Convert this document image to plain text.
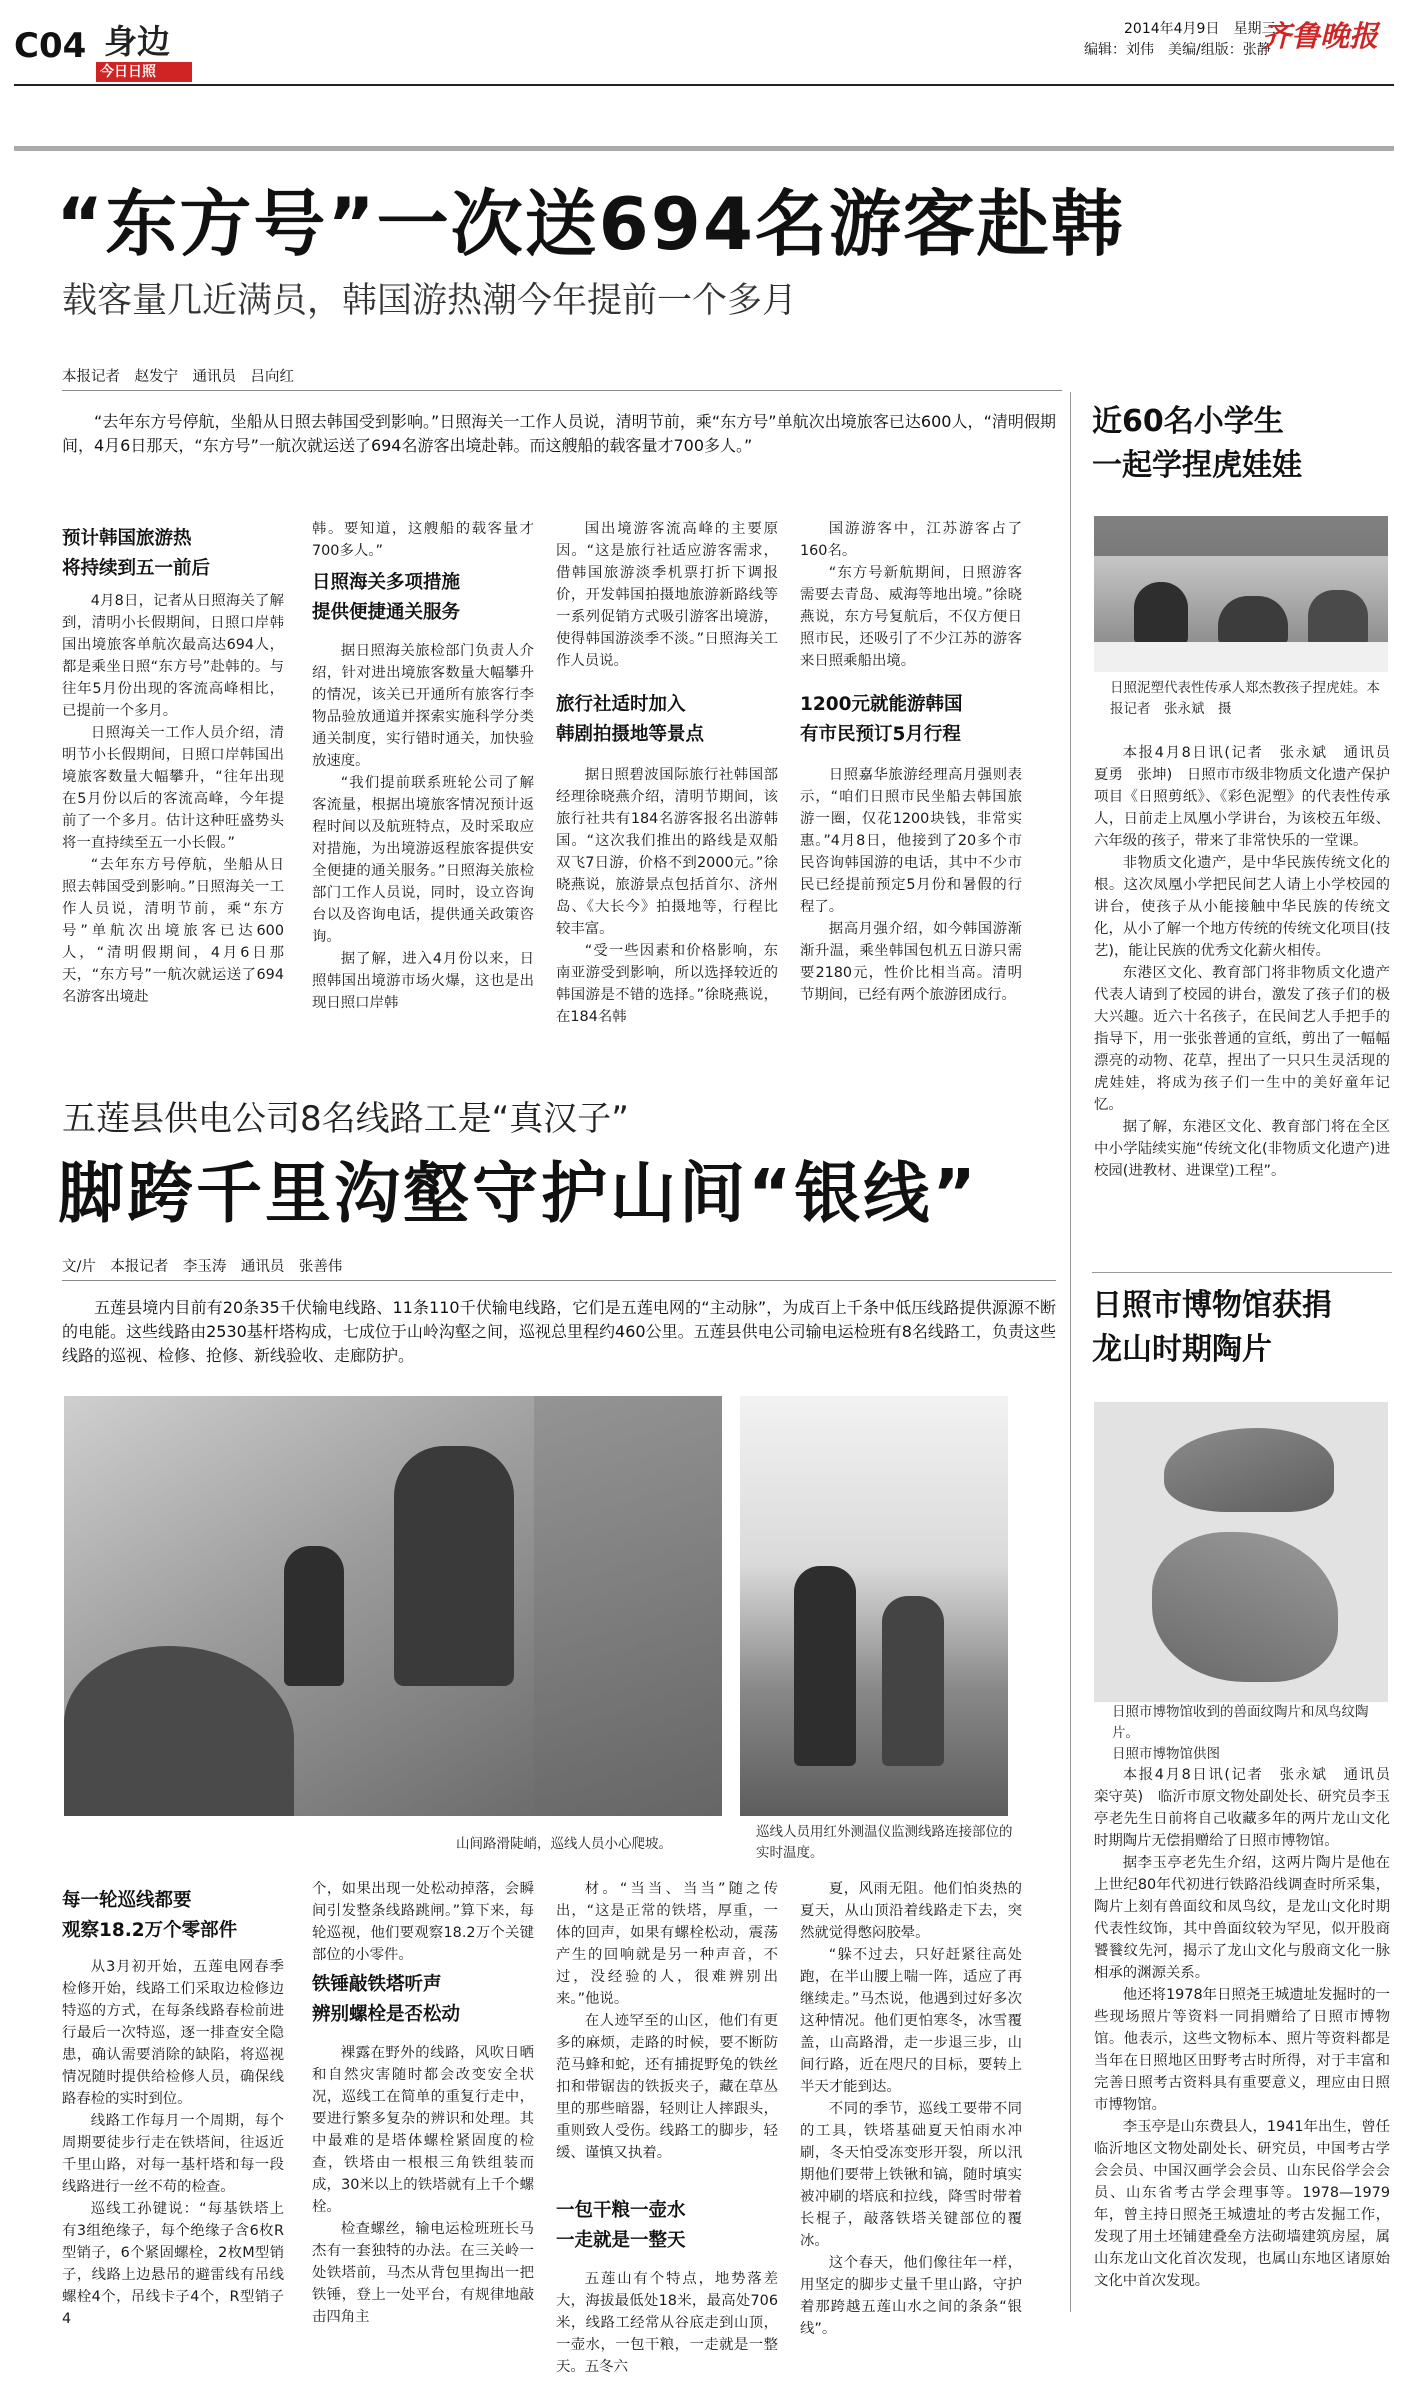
C04 身边
今日日照
2014年4月9日　星期三
编辑：刘伟　美编/组版：张静
齐鲁晚报
“东方号”一次送694名游客赴韩
载客量几近满员，韩国游热潮今年提前一个多月
本报记者　赵发宁　通讯员　吕向红
“去年东方号停航，坐船从日照去韩国受到影响。”日照海关一工作人员说，清明节前，乘“东方号”单航次出境旅客已达600人，“清明假期间，4月6日那天，“东方号”一航次就运送了694名游客出境赴韩。而这艘船的载客量才700多人。”
预计韩国旅游热
将持续到五一前后

4月8日，记者从日照海关了解到，清明小长假期间，日照口岸韩国出境旅客单航次最高达694人，都是乘坐日照“东方号”赴韩的。与往年5月份出现的客流高峰相比，已提前一个多月。

日照海关一工作人员介绍，清明节小长假期间，日照口岸韩国出境旅客数量大幅攀升，“往年出现在5月份以后的客流高峰，今年提前了一个多月。估计这种旺盛势头将一直持续至五一小长假。”

“去年东方号停航，坐船从日照去韩国受到影响。”日照海关一工作人员说，清明节前，乘“东方号”单航次出境旅客已达600人，“清明假期间，4月6日那天，“东方号”一航次就运送了694名游客出境赴

韩。要知道，这艘船的载客量才700多人。”
日照海关多项措施
提供便捷通关服务

据日照海关旅检部门负责人介绍，针对进出境旅客数量大幅攀升的情况，该关已开通所有旅客行李物品验放通道并探索实施科学分类通关制度，实行错时通关，加快验放速度。

“我们提前联系班轮公司了解客流量，根据出境旅客情况预计返程时间以及航班特点，及时采取应对措施，为出境游返程旅客提供安全便捷的通关服务。”日照海关旅检部门工作人员说，同时，设立咨询台以及咨询电话，提供通关政策咨询。

据了解，进入4月份以来，日照韩国出境游市场火爆，这也是出现日照口岸韩

国出境游客流高峰的主要原因。“这是旅行社适应游客需求，借韩国旅游淡季机票打折下调报价，开发韩国拍摄地旅游新路线等一系列促销方式吸引游客出境游，使得韩国游淡季不淡。”日照海关工作人员说。

旅行社适时加入
韩剧拍摄地等景点

据日照碧波国际旅行社韩国部经理徐晓燕介绍，清明节期间，该旅行社共有184名游客报名出游韩国。“这次我们推出的路线是双船双飞7日游，价格不到2000元。”徐晓燕说，旅游景点包括首尔、济州岛、《大长今》拍摄地等，行程比较丰富。

“受一些因素和价格影响，东南亚游受到影响，所以选择较近的韩国游是不错的选择。”徐晓燕说，在184名韩

国游游客中，江苏游客占了160名。

“东方号新航期间，日照游客需要去青岛、威海等地出境。”徐晓燕说，东方号复航后，不仅方便日照市民，还吸引了不少江苏的游客来日照乘船出境。

1200元就能游韩国
有市民预订5月行程

日照嘉华旅游经理高月强则表示，“咱们日照市民坐船去韩国旅游一圈，仅花1200块钱，非常实惠。”4月8日，他接到了20多个市民咨询韩国游的电话，其中不少市民已经提前预定5月份和暑假的行程了。

据高月强介绍，如今韩国游渐渐升温，乘坐韩国包机五日游只需要2180元，性价比相当高。清明节期间，已经有两个旅游团成行。

近60名小学生
一起学捏虎娃娃
日照泥塑代表性传承人郑杰教孩子捏虎娃。本报记者　张永斌　摄

本报4月8日讯(记者　张永斌　通讯员　夏勇　张坤)　日照市市级非物质文化遗产保护项目《日照剪纸》、《彩色泥塑》的代表性传承人，日前走上凤凰小学讲台，为该校五年级、六年级的孩子，带来了非常快乐的一堂课。

非物质文化遗产，是中华民族传统文化的根。这次凤凰小学把民间艺人请上小学校园的讲台，使孩子从小能接触中华民族的传统文化，从小了解一个地方传统的传统文化项目(技艺)，能让民族的优秀文化薪火相传。

东港区文化、教育部门将非物质文化遗产代表人请到了校园的讲台，激发了孩子们的极大兴趣。近六十名孩子，在民间艺人手把手的指导下，用一张张普通的宣纸，剪出了一幅幅漂亮的动物、花草，捏出了一只只生灵活现的虎娃娃，将成为孩子们一生中的美好童年记忆。

据了解，东港区文化、教育部门将在全区中小学陆续实施“传统文化(非物质文化遗产)进校园(进教材、进课堂)工程”。

日照市博物馆获捐
龙山时期陶片
日照市博物馆收到的兽面纹陶片和凤鸟纹陶片。
日照市博物馆供图

本报4月8日讯(记者　张永斌　通讯员　栾守英)　临沂市原文物处副处长、研究员李玉亭老先生日前将自己收藏多年的两片龙山文化时期陶片无偿捐赠给了日照市博物馆。

据李玉亭老先生介绍，这两片陶片是他在上世纪80年代初进行铁路沿线调查时所采集，陶片上刻有兽面纹和凤鸟纹，是龙山文化时期代表性纹饰，其中兽面纹较为罕见，似开股商饕餮纹先河，揭示了龙山文化与殷商文化一脉相承的渊源关系。

他还将1978年日照尧王城遗址发掘时的一些现场照片等资料一同捐赠给了日照市博物馆。他表示，这些文物标本、照片等资料都是当年在日照地区田野考古时所得，对于丰富和完善日照考古资料具有重要意义，理应由日照市博物馆。

李玉亭是山东费县人，1941年出生，曾任临沂地区文物处副处长、研究员，中国考古学会会员、中国汉画学会会员、山东民俗学会会员、山东省考古学会理事等。1978—1979年，曾主持日照尧王城遗址的考古发掘工作，发现了用土坯铺建叠垒方法砌墙建筑房屋，属山东龙山文化首次发现，也属山东地区诸原始文化中首次发现。

五莲县供电公司8名线路工是“真汉子”
脚跨千里沟壑守护山间“银线”
文/片　本报记者　李玉涛　通讯员　张善伟
五莲县境内目前有20条35千伏输电线路、11条110千伏输电线路，它们是五莲电网的“主动脉”，为成百上千条中低压线路提供源源不断的电能。这些线路由2530基杆塔构成，七成位于山岭沟壑之间，巡视总里程约460公里。五莲县供电公司输电运检班有8名线路工，负责这些线路的巡视、检修、抢修、新线验收、走廊防护。
山间路滑陡峭，巡线人员小心爬坡。
巡线人员用红外测温仪监测线路连接部位的实时温度。
每一轮巡线都要
观察18.2万个零部件

从3月初开始，五莲电网春季检修开始，线路工们采取边检修边特巡的方式，在每条线路春检前进行最后一次特巡，逐一排查安全隐患，确认需要消除的缺陷，将巡视情况随时提供给检修人员，确保线路春检的实时到位。

线路工作每月一个周期，每个周期要徒步行走在铁塔间，往返近千里山路，对每一基杆塔和每一段线路进行一丝不苟的检查。

巡线工孙键说：“每基铁塔上有3组绝缘子，每个绝缘子含6枚R型销子，6个紧固螺栓，2枚M型销子，线路上边悬吊的避雷线有吊线螺栓4个，吊线卡子4个，R型销子4

个，如果出现一处松动掉落，会瞬间引发整条线路跳闸。”算下来，每轮巡视，他们要观察18.2万个关键部位的小零件。
铁锤敲铁塔听声
辨别螺栓是否松动

裸露在野外的线路，风吹日晒和自然灾害随时都会改变安全状况，巡线工在简单的重复行走中，要进行繁多复杂的辨识和处理。其中最难的是塔体螺栓紧固度的检查，铁塔由一根根三角铁组装而成，30米以上的铁塔就有上千个螺栓。

检查螺丝，输电运检班班长马杰有一套独特的办法。在三关岭一处铁塔前，马杰从背包里掏出一把铁锤，登上一处平台，有规律地敲击四角主

材。“当当、当当”随之传出，“这是正常的铁塔，厚重，一体的回声，如果有螺栓松动，震荡产生的回响就是另一种声音，不过，没经验的人，很难辨别出来。”他说。

在人迹罕至的山区，他们有更多的麻烦，走路的时候，要不断防范马蜂和蛇，还有捕捉野兔的铁丝扣和带锯齿的铁扳夹子，藏在草丛里的那些暗器，轻则让人摔跟头，重则致人受伤。线路工的脚步，轻缓、谨慎又执着。

一包干粮一壶水
一走就是一整天

五莲山有个特点，地势落差大，海拔最低处18米，最高处706米，线路工经常从谷底走到山顶，一壶水，一包干粮，一走就是一整天。五冬六

夏，风雨无阻。他们怕炎热的夏天，从山顶沿着线路走下去，突然就觉得憋闷胶晕。

“躲不过去，只好赶紧往高处跑，在半山腰上喘一阵，适应了再继续走。”马杰说，他遇到过好多次这种情况。他们更怕寒冬，冰雪覆盖，山高路滑，走一步退三步，山间行路，近在咫尺的目标，要转上半天才能到达。

不同的季节，巡线工要带不同的工具，铁塔基础夏天怕雨水冲刷，冬天怕受冻变形开裂，所以汛期他们要带上铁锹和镐，随时填实被冲刷的塔底和拉线，降雪时带着长棍子，敲落铁塔关键部位的覆冰。

这个春天，他们像往年一样，用坚定的脚步丈量千里山路，守护着那跨越五莲山水之间的条条“银线”。
